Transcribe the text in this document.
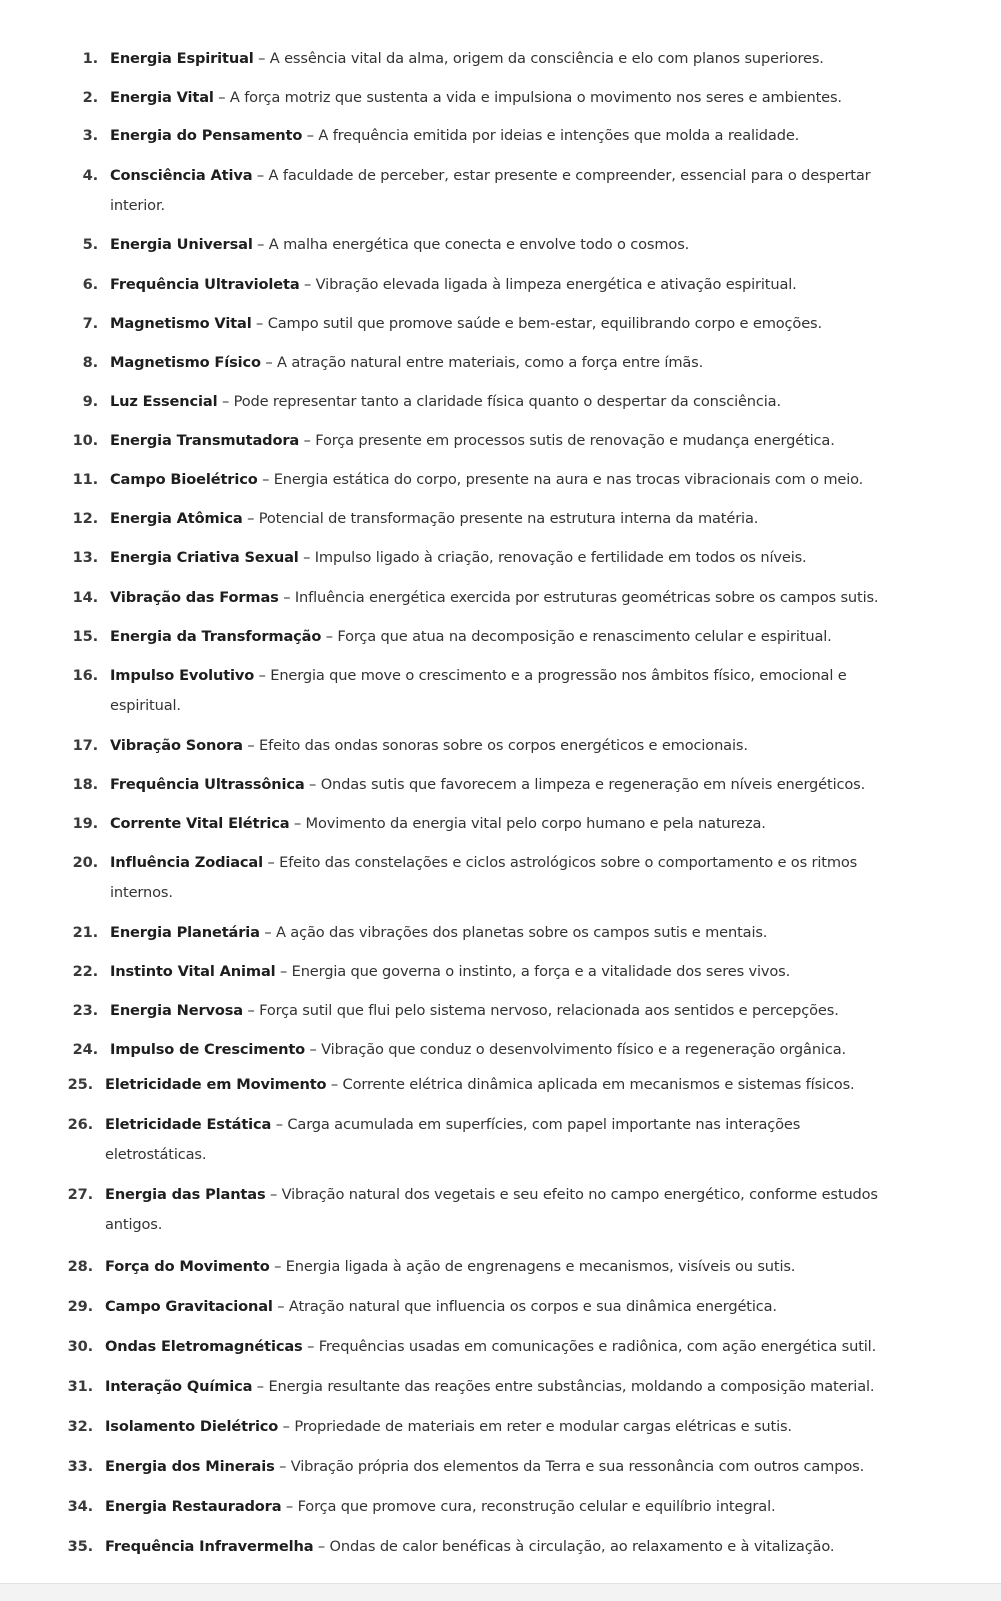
1. Energia Espiritual – A essência vital da alma, origem da consciência e elo com planos superiores.
2. Energia Vital – A força motriz que sustenta a vida e impulsiona o movimento nos seres e ambientes.
3. Energia do Pensamento – A frequência emitida por ideias e intenções que molda a realidade.
4. Consciência Ativa – A faculdade de perceber, estar presente e compreender, essencial para o despertar interior.
5. Energia Universal – A malha energética que conecta e envolve todo o cosmos.
6. Frequência Ultravioleta – Vibração elevada ligada à limpeza energética e ativação espiritual.
7. Magnetismo Vital – Campo sutil que promove saúde e bem-estar, equilibrando corpo e emoções.
8. Magnetismo Físico – A atração natural entre materiais, como a força entre ímãs.
9. Luz Essencial – Pode representar tanto a claridade física quanto o despertar da consciência.
10. Energia Transmutadora – Força presente em processos sutis de renovação e mudança energética.
11. Campo Bioelétrico – Energia estática do corpo, presente na aura e nas trocas vibracionais com o meio.
12. Energia Atômica – Potencial de transformação presente na estrutura interna da matéria.
13. Energia Criativa Sexual – Impulso ligado à criação, renovação e fertilidade em todos os níveis.
14. Vibração das Formas – Influência energética exercida por estruturas geométricas sobre os campos sutis.
15. Energia da Transformação – Força que atua na decomposição e renascimento celular e espiritual.
16. Impulso Evolutivo – Energia que move o crescimento e a progressão nos âmbitos físico, emocional e espiritual.
17. Vibração Sonora – Efeito das ondas sonoras sobre os corpos energéticos e emocionais.
18. Frequência Ultrassônica – Ondas sutis que favorecem a limpeza e regeneração em níveis energéticos.
19. Corrente Vital Elétrica – Movimento da energia vital pelo corpo humano e pela natureza.
20. Influência Zodiacal – Efeito das constelações e ciclos astrológicos sobre o comportamento e os ritmos internos.
21. Energia Planetária – A ação das vibrações dos planetas sobre os campos sutis e mentais.
22. Instinto Vital Animal – Energia que governa o instinto, a força e a vitalidade dos seres vivos.
23. Energia Nervosa – Força sutil que flui pelo sistema nervoso, relacionada aos sentidos e percepções.
24. Impulso de Crescimento – Vibração que conduz o desenvolvimento físico e a regeneração orgânica.
25. Eletricidade em Movimento – Corrente elétrica dinâmica aplicada em mecanismos e sistemas físicos.
26. Eletricidade Estática – Carga acumulada em superfícies, com papel importante nas interações eletrostáticas.
27. Energia das Plantas – Vibração natural dos vegetais e seu efeito no campo energético, conforme estudos antigos.
28. Força do Movimento – Energia ligada à ação de engrenagens e mecanismos, visíveis ou sutis.
29. Campo Gravitacional – Atração natural que influencia os corpos e sua dinâmica energética.
30. Ondas Eletromagnéticas – Frequências usadas em comunicações e radiônica, com ação energética sutil.
31. Interação Química – Energia resultante das reações entre substâncias, moldando a composição material.
32. Isolamento Dielétrico – Propriedade de materiais em reter e modular cargas elétricas e sutis.
33. Energia dos Minerais – Vibração própria dos elementos da Terra e sua ressonância com outros campos.
34. Energia Restauradora – Força que promove cura, reconstrução celular e equilíbrio integral.
35. Frequência Infravermelha – Ondas de calor benéficas à circulação, ao relaxamento e à vitalização.
